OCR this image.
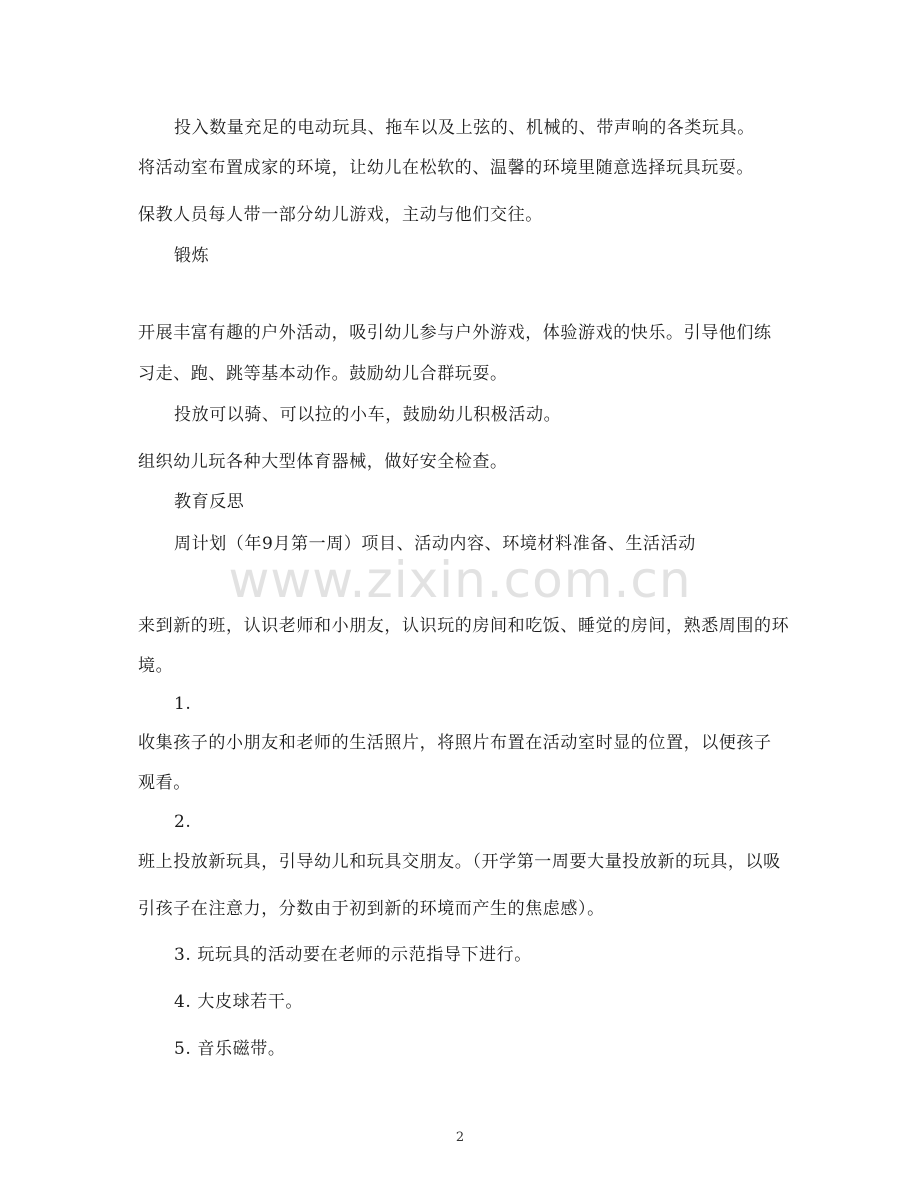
投入数量充足的电动玩具、拖车以及上弦的、机械的、带声响的各类玩具。
将活动室布置成家的环境，让幼儿在松软的、温馨的环境里随意选择玩具玩耍。
保教人员每人带一部分幼儿游戏，主动与他们交往。
锻炼
开展丰富有趣的户外活动，吸引幼儿参与户外游戏，体验游戏的快乐。引导他们练
习走、跑、跳等基本动作。鼓励幼儿合群玩耍。
投放可以骑、可以拉的小车，鼓励幼儿积极活动。
组织幼儿玩各种大型体育器械，做好安全检查。
教育反思
周计划（年9月第一周）项目、活动内容、环境材料准备、生活活动
www.zixin.com.cn
来到新的班，认识老师和小朋友，认识玩的房间和吃饭、睡觉的房间，熟悉周围的环
境。
1.
收集孩子的小朋友和老师的生活照片，将照片布置在活动室时显的位置，以便孩子
观看。
2.
班上投放新玩具，引导幼儿和玩具交朋友。（开学第一周要大量投放新的玩具，以吸
引孩子在注意力，分数由于初到新的环境而产生的焦虑感）。
3. 玩玩具的活动要在老师的示范指导下进行。
4. 大皮球若干。
5. 音乐磁带。
2
